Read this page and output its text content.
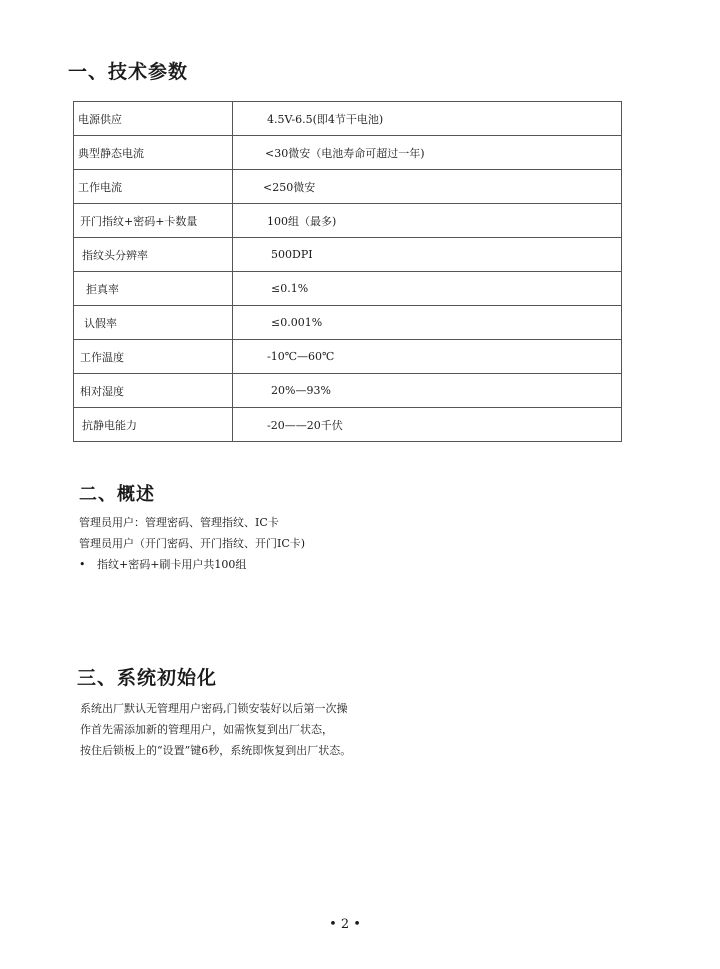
一、技术参数
电源供应	4.5V-6.5(即4节干电池)
典型静态电流	<30微安（电池寿命可超过一年)
工作电流	<250微安
开门指纹+密码+卡数量	100组（最多)
指纹头分辨率	500DPI
拒真率	≤0.1%
认假率	≤0.001%
工作温度	-10℃—60℃
相对湿度	20%—93%
抗静电能力	-20——20千伏
二、概述
管理员用户：管理密码、管理指纹、IC卡
管理员用户（开门密码、开门指纹、开门IC卡)
• 指纹+密码+刷卡用户共100组
三、系统初始化
系统出厂默认无管理用户密码,门锁安装好以后第一次操
作首先需添加新的管理用户，如需恢复到出厂状态，
按住后锁板上的“设置”键6秒，系统即恢复到出厂状态。
• 2 •
